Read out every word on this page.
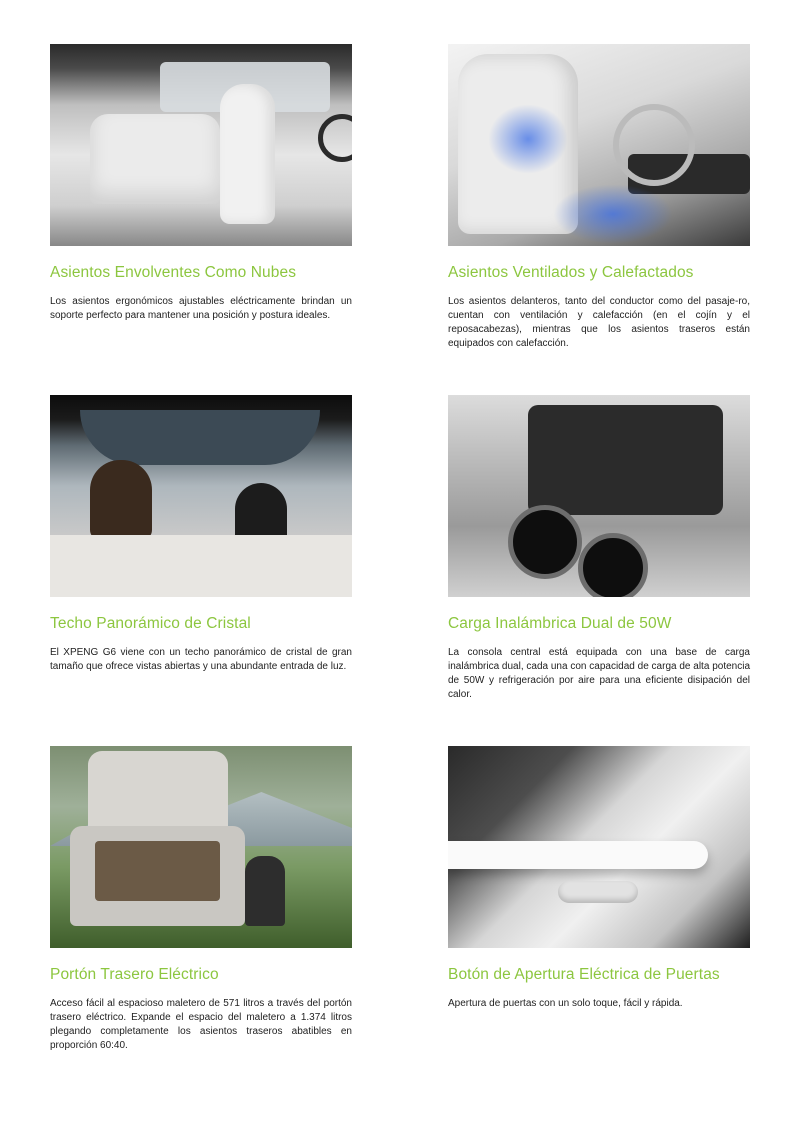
Asientos Envolventes Como Nubes
Los asientos ergonómicos ajustables eléctricamente brindan un soporte perfecto para mantener una posición y postura ideales.
Asientos Ventilados y Calefactados
Los asientos delanteros, tanto del conductor como del pasaje-ro, cuentan con ventilación y calefacción (en el cojín y el reposacabezas), mientras que los asientos traseros están equipados con calefacción.
Techo Panorámico de Cristal
El XPENG G6 viene con un techo panorámico de cristal de gran tamaño que ofrece vistas abiertas y una abundante entrada de luz.
Carga Inalámbrica Dual de 50W
La consola central está equipada con una base de carga inalámbrica dual, cada una con capacidad de carga de alta potencia de 50W y refrigeración por aire para una eficiente disipación del calor.
Portón Trasero Eléctrico
Acceso fácil al espacioso maletero de 571 litros a través del portón trasero eléctrico. Expande el espacio del maletero a 1.374 litros plegando completamente los asientos traseros abatibles en proporción 60:40.
Botón de Apertura Eléctrica de Puertas
Apertura de puertas con un solo toque, fácil y rápida.
